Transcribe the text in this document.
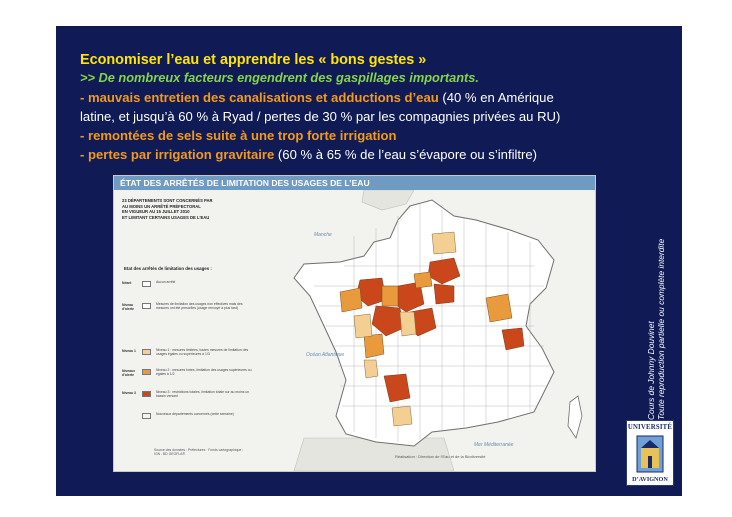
Economiser l’eau et apprendre les « bons gestes »
>> De nombreux facteurs engendrent des gaspillages importants.
- mauvais entretien des canalisations et adductions d’eau (40 % en Amérique
latine, et jusqu’à 60 % à Ryad / pertes de 30 % par les compagnies privées au RU)
- remontées de sels suite à une trop forte irrigation
- pertes par irrigation gravitaire (60 % à 65 % de l’eau s’évapore ou s’infiltre)
Manche
Océan Atlantique
Mer Méditerranée
ÉTAT DES ARRÊTÉS DE LIMITATION DES USAGES DE L’EAU
23 DÉPARTEMENTS SONT CONCERNÉS PAR
AU MOINS UN ARRÊTÉ PRÉFECTORAL
EN VIGUEUR AU 15 JUILLET 2010
ET LIMITANT CERTAINS USAGES DE L’EAU
Etat des arrêtés de limitation des usages :
Néant	Aucun arrêté
Niveau d’alerte
Mesures de limitation des usages non effectives mais des mesures ont été prescrites (usage renvoyé à plus tard)
Niveau 1	Niveau 1 : mesures limitées, toutes mesures de limitation des usages égales ou supérieures à 1/3
Niveaux d’alerte
Niveau 2 : mesures fortes, limitation des usages supérieures ou égales à 1/2
Niveau 3	Niveau 3 : restrictions totales, limitation totale sur au moins un bassin versant
Nouveaux départements concernés (cette semaine)
Source des données : Préfectures · Fonds cartographique : IGN - BD GEOFLA®	Réalisation : Direction de l’Eau et de la Biodiversité
Cours de Johnny Douvinet Toute reproduction partielle ou complète interdite
UNIVERSITÉ
D’AVIGNON
